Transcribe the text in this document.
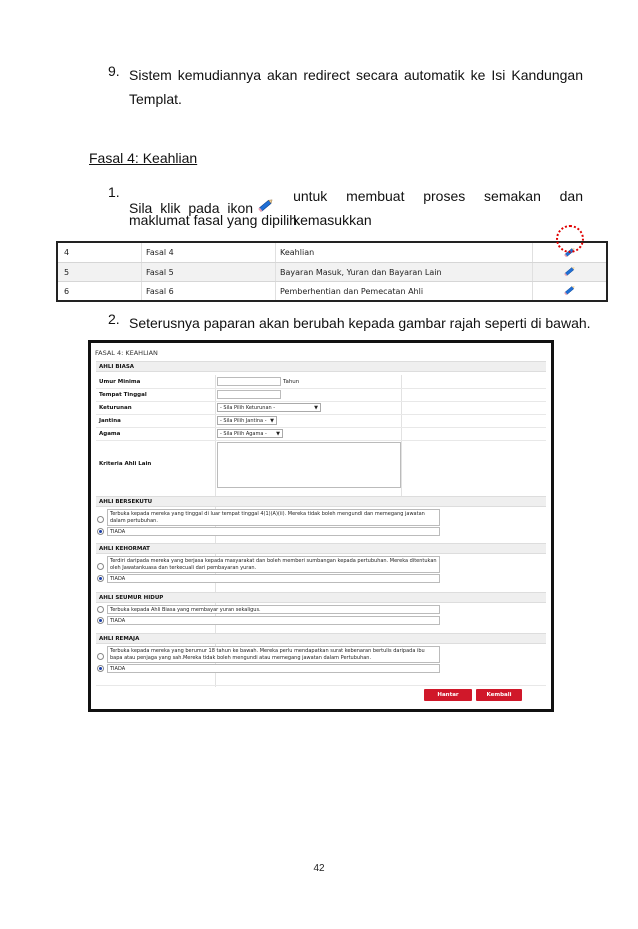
9. Sistem kemudiannya akan redirect secara automatik ke Isi Kandungan
Templat.
Fasal 4: Keahlian
1.
Sila klik pada ikon
untuk membuat proses semakan dan kemasukkan
maklumat fasal yang dipilih.
4	Fasal 4	Keahlian
5	Fasal 5	Bayaran Masuk, Yuran dan Bayaran Lain
6	Fasal 6	Pemberhentian dan Pemecatan Ahli
2. Seterusnya paparan akan berubah kepada gambar rajah seperti di bawah.
FASAL 4: KEAHLIAN
AHLI BIASA
Umur Minima	Tahun
Tempat Tinggal
Keturunan	- Sila Pilih Keturunan -	▼
Jantina	- Sila Pilih Jantina - ▼
Agama	- Sila Pilih Agama - ▼
Kriteria Ahli Lain
AHLI BERSEKUTU
Terbuka kepada mereka yang tinggal di luar tempat tinggal 4(1)(A)(ii). Mereka tidak boleh mengundi dan memegang jawatan dalam pertubuhan.
TIADA
AHLI KEHORMAT
Terdiri daripada mereka yang berjasa kepada masyarakat dan boleh memberi sumbangan kepada pertubuhan. Mereka ditentukan oleh Jawatankuasa dan terkecuali dari pembayaran yuran.
TIADA
AHLI SEUMUR HIDUP
Terbuka kepada Ahli Biasa yang membayar yuran sekaligus.
TIADA
AHLI REMAJA
Terbuka kepada mereka yang berumur 18 tahun ke bawah. Mereka perlu mendapatkan surat kebenaran bertulis daripada ibu bapa atau penjaga yang sah.Mereka tidak boleh mengundi atau memegang jawatan dalam Pertubuhan.
TIADA
Hantar	Kembali
42
